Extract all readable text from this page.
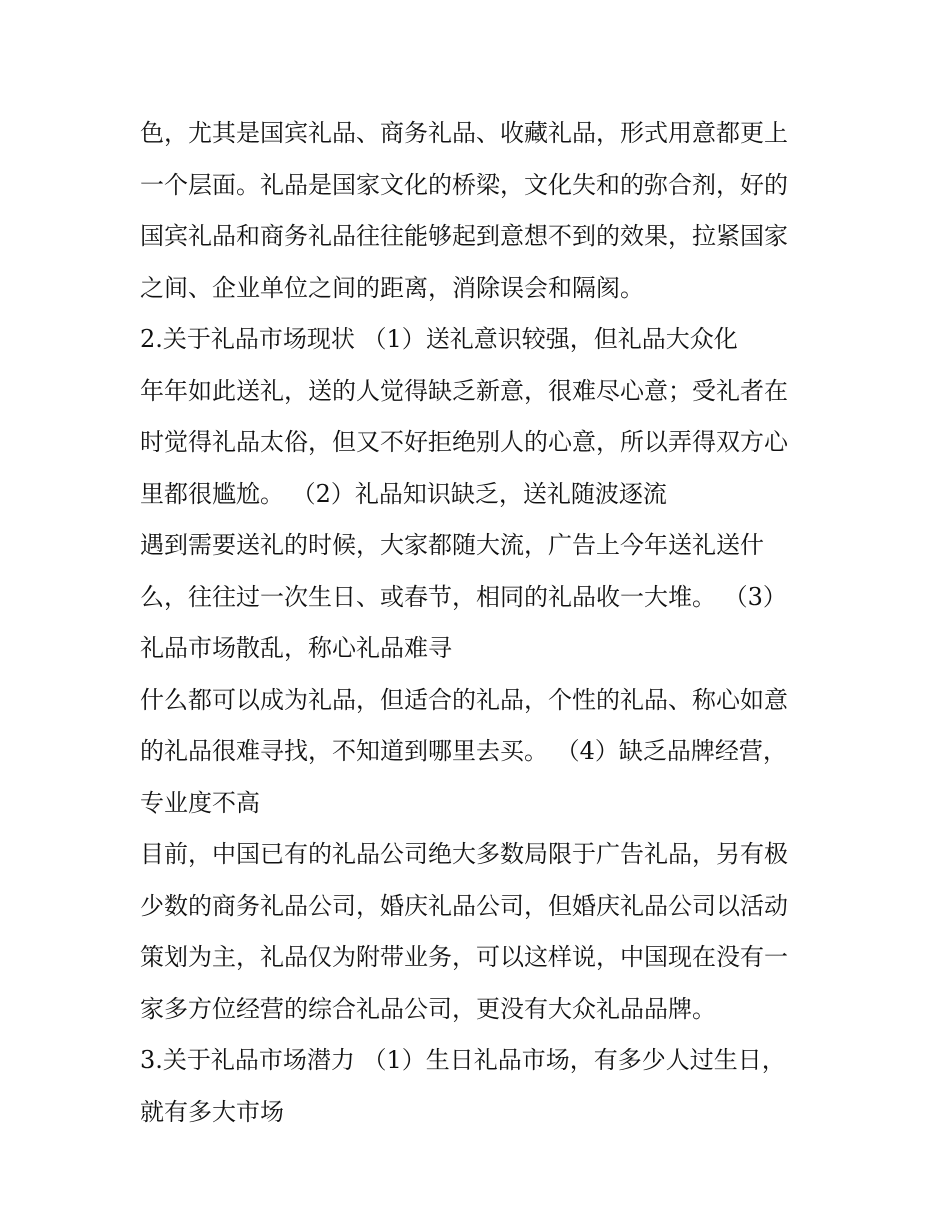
色，尤其是国宾礼品、商务礼品、收藏礼品，形式用意都更上
一个层面。礼品是国家文化的桥梁，文化失和的弥合剂，好的
国宾礼品和商务礼品往往能够起到意想不到的效果，拉紧国家
之间、企业单位之间的距离，消除误会和隔阂。
2.关于礼品市场现状 （1）送礼意识较强，但礼品大众化
年年如此送礼，送的人觉得缺乏新意，很难尽心意；受礼者在
时觉得礼品太俗，但又不好拒绝别人的心意，所以弄得双方心
里都很尴尬。 （2）礼品知识缺乏，送礼随波逐流
遇到需要送礼的时候，大家都随大流，广告上今年送礼送什
么，往往过一次生日、或春节，相同的礼品收一大堆。 （3）
礼品市场散乱，称心礼品难寻
什么都可以成为礼品，但适合的礼品，个性的礼品、称心如意
的礼品很难寻找，不知道到哪里去买。 （4）缺乏品牌经营，
专业度不高
目前，中国已有的礼品公司绝大多数局限于广告礼品，另有极
少数的商务礼品公司，婚庆礼品公司，但婚庆礼品公司以活动
策划为主，礼品仅为附带业务，可以这样说，中国现在没有一
家多方位经营的综合礼品公司，更没有大众礼品品牌。
3.关于礼品市场潜力 （1）生日礼品市场，有多少人过生日，
就有多大市场
